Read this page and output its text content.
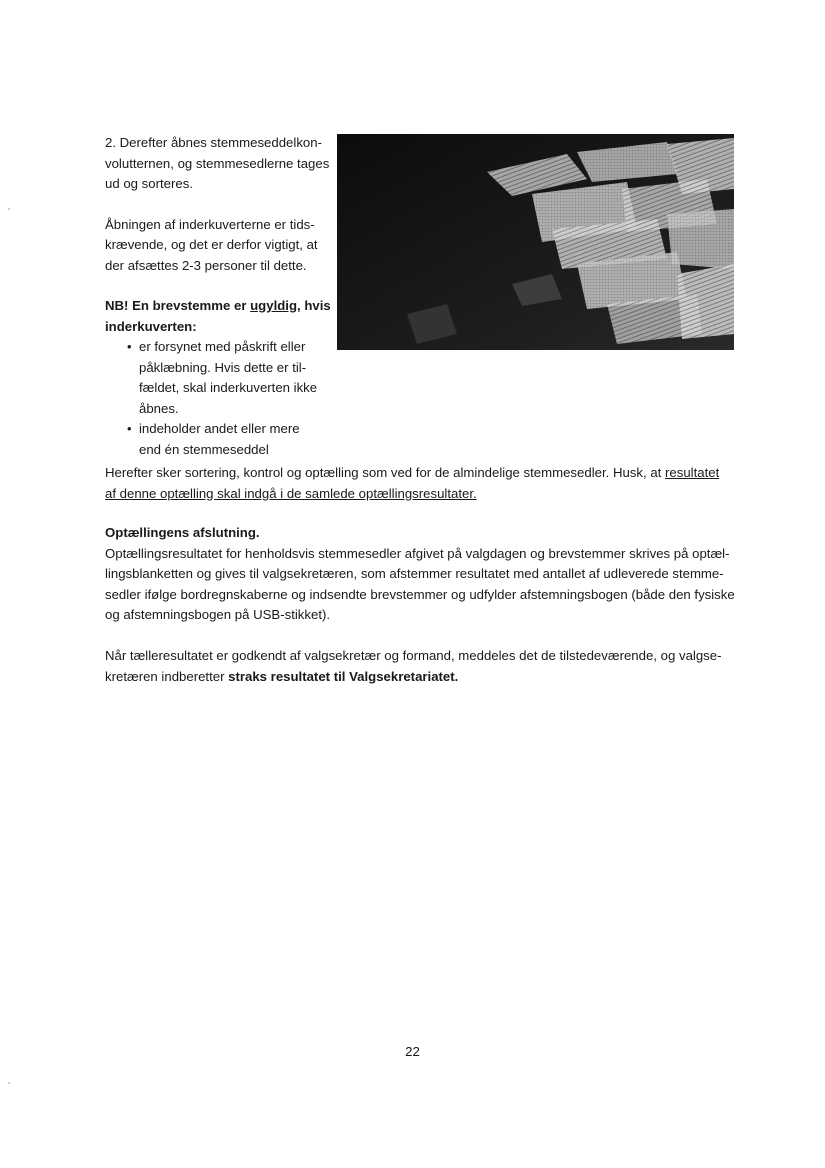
2. Derefter åbnes stemmeseddelkon-
volutternen, og stemmesedlerne tages
ud og sorteres.

Åbningen af inderkuverterne er tids-
krævende, og det er derfor vigtigt, at
der afsættes 2-3 personer til dette.

NB! En brevstemme er ugyldig, hvis
inderkuverten:

• er forsynet med påskrift eller
påklæbning. Hvis dette er til-
fældet, skal inderkuverten ikke
åbnes.
• indeholder andet eller mere
end én stemmeseddel

Herefter sker sortering, kontrol og optælling som ved for de almindelige stemmesedler. Husk, at resultatet
af denne optælling skal indgå i de samlede optællingsresultater.

Optællingens afslutning.

Optællingsresultatet for henholdsvis stemmesedler afgivet på valgdagen og brevstemmer skrives på optæl-
lingsblanketten og gives til valgsekretæren, som afstemmer resultatet med antallet af udleverede stemme-
sedler ifølge bordregnskaberne og indsendte brevstemmer og udfylder afstemningsbogen (både den fysiske
og afstemningsbogen på USB-stikket).

Når tælleresultatet er godkendt af valgsekretær og formand, meddeles det de tilstedeværende, og valgse-
kretæren indberetter straks resultatet til Valgsekretariatet.

22
